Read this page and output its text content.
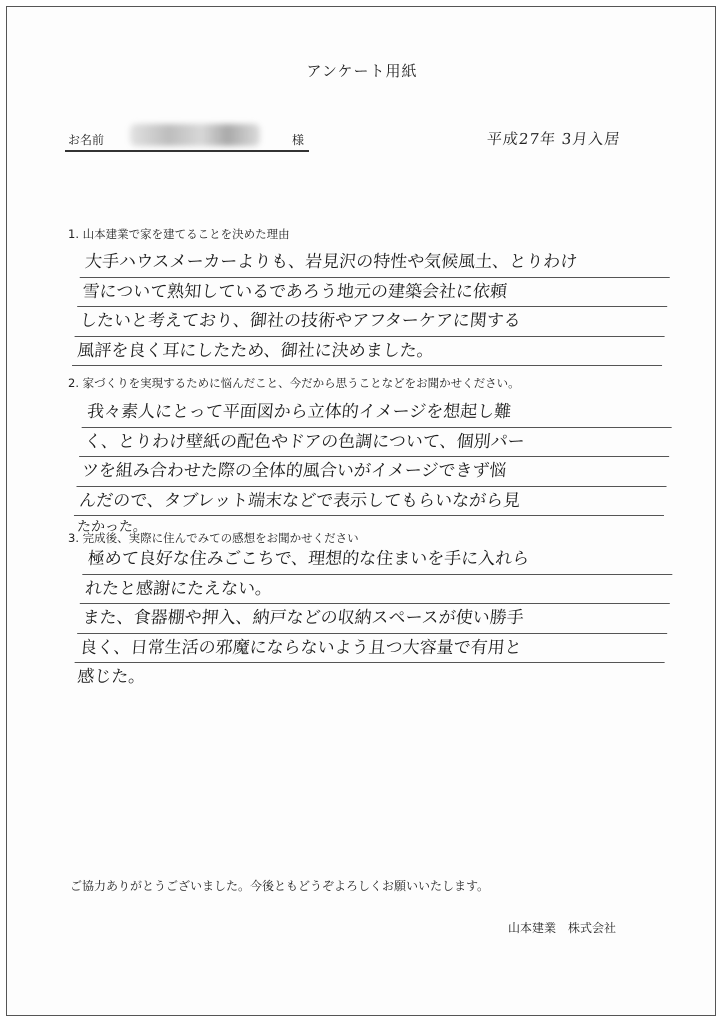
アンケート用紙
お名前	様	平成27年 3月入居
1. 山本建業で家を建てることを決めた理由
大手ハウスメーカーよりも、岩見沢の特性や気候風土、とりわけ
雪について熟知しているであろう地元の建築会社に依頼
したいと考えており、御社の技術やアフターケアに関する
風評を良く耳にしたため、御社に決めました。
2. 家づくりを実現するために悩んだこと、今だから思うことなどをお聞かせください。
我々素人にとって平面図から立体的イメージを想起し難
く、とりわけ壁紙の配色やドアの色調について、個別パー
ツを組み合わせた際の全体的風合いがイメージできず悩
んだので、タブレット端末などで表示してもらいながら見
たかった。
3. 完成後、実際に住んでみての感想をお聞かせください
極めて良好な住みごこちで、理想的な住まいを手に入れら
れたと感謝にたえない。
また、食器棚や押入、納戸などの収納スペースが使い勝手
良く、日常生活の邪魔にならないよう且つ大容量で有用と
感じた。
ご協力ありがとうございました。今後ともどうぞよろしくお願いいたします。
山本建業　株式会社
